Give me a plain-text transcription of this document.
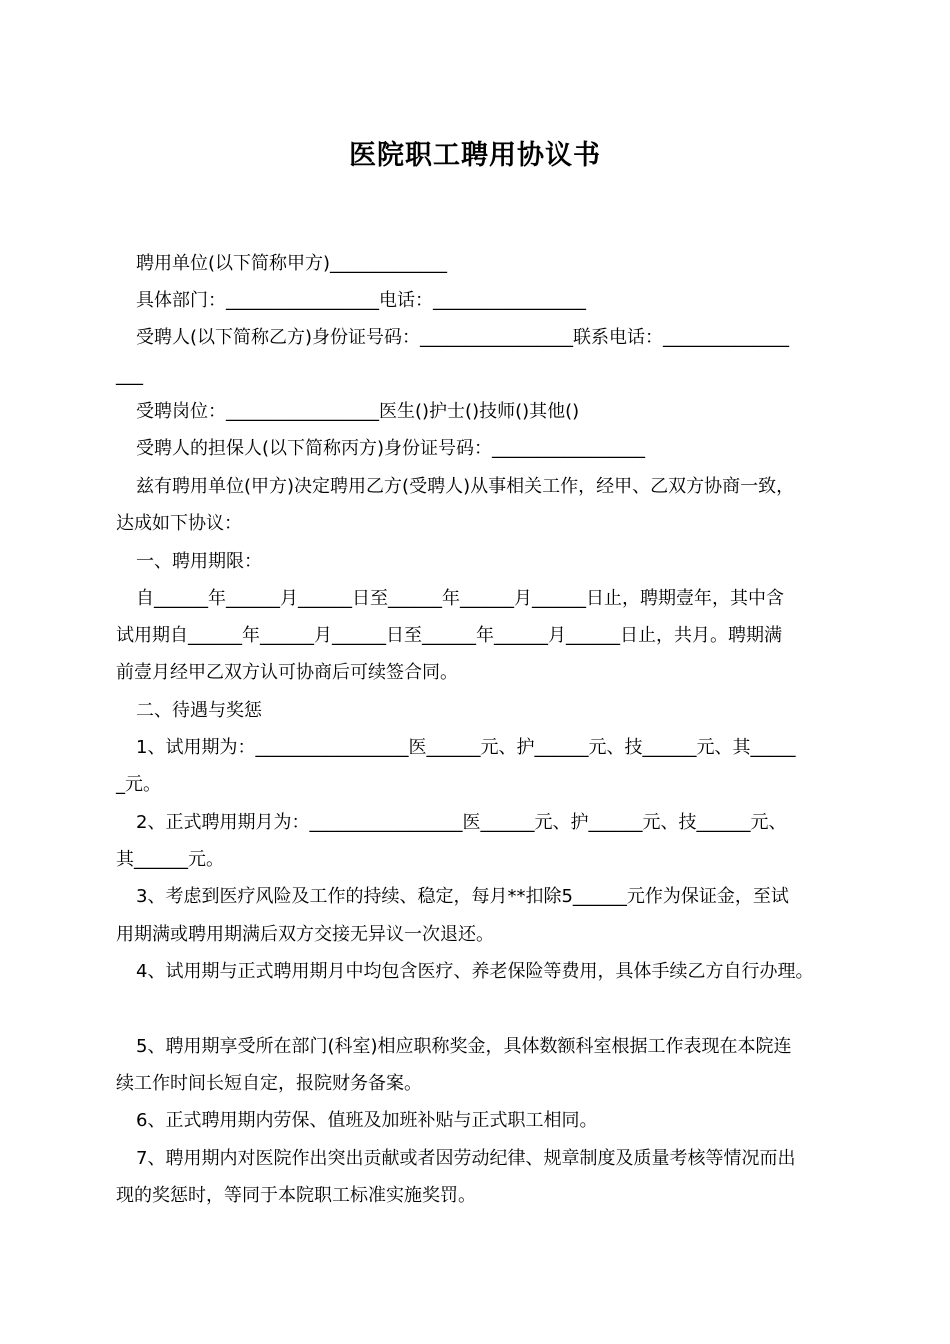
医院职工聘用协议书
聘用单位(以下简称甲方)_____________
具体部门：_________________电话：_________________
受聘人(以下简称乙方)身份证号码：_________________联系电话：______________
___
受聘岗位：_________________医生()护士()技师()其他()
受聘人的担保人(以下简称丙方)身份证号码：_________________
兹有聘用单位(甲方)决定聘用乙方(受聘人)从事相关工作，经甲、乙双方协商一致，
达成如下协议：
一、聘用期限：
自______年______月______日至______年______月______日止，聘期壹年，其中含
试用期自______年______月______日至______年______月______日止，共月。聘期满
前壹月经甲乙双方认可协商后可续签合同。
二、待遇与奖惩
1、试用期为：_________________医______元、护______元、技______元、其_____
_元。
2、正式聘用期月为：_________________医______元、护______元、技______元、
其______元。
3、考虑到医疗风险及工作的持续、稳定，每月**扣除5______元作为保证金，至试
用期满或聘用期满后双方交接无异议一次退还。
4、试用期与正式聘用期月中均包含医疗、养老保险等费用，具体手续乙方自行办理。
5、聘用期享受所在部门(科室)相应职称奖金，具体数额科室根据工作表现在本院连
续工作时间长短自定，报院财务备案。
6、正式聘用期内劳保、值班及加班补贴与正式职工相同。
7、聘用期内对医院作出突出贡献或者因劳动纪律、规章制度及质量考核等情况而出
现的奖惩时，等同于本院职工标准实施奖罚。
